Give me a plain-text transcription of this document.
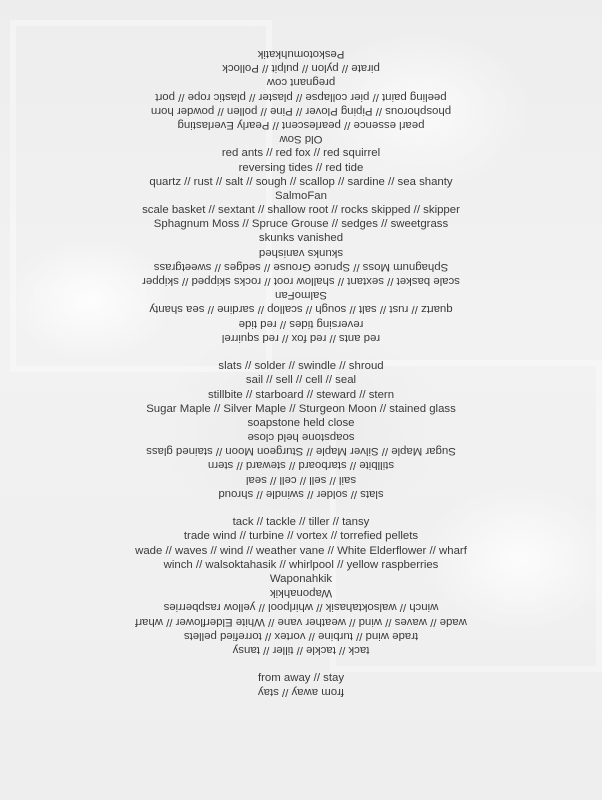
Peskotomuhkatik
pirate // pylon // pulpit // Pollock
pregnant cow
peeling paint // pier collapse // plaster // plastic rope // port
phosphorous // Piping Plover // Pine // pollen // powder horn
pearl essence // pearlescent // Pearly Everlasting
Old Sow
red ants // red fox // red squirrel
reversing tides // red tide
quartz // rust // salt // sough // scallop // sardine // sea shanty
SalmoFan
scale basket // sextant // shallow root // rocks skipped // skipper
Sphagnum Moss // Spruce Grouse // sedges // sweetgrass
skunks vanished
skunks vanished
Sphagnum Moss // Spruce Grouse // sedges // sweetgrass
scale basket // sextant // shallow root // rocks skipped // skipper
SalmoFan
quartz // rust // salt // sough // scallop // sardine // sea shanty
reversing tides // red tide
red ants // red fox // red squirrel
slats // solder // swindle // shroud
sail // sell // cell // seal
stillbite // starboard // steward // stern
Sugar Maple // Silver Maple // Sturgeon Moon // stained glass
soapstone held close
soapstone held close
Sugar Maple // Silver Maple // Sturgeon Moon // stained glass
stillbite // starboard // steward // stern
sail // sell // cell // seal
slats // solder // swindle // shroud
tack // tackle // tiller // tansy
trade wind // turbine // vortex // torrefied pellets
wade // waves // wind // weather vane // White Elderflower // wharf
winch // walsoktahasik // whirlpool // yellow raspberries
Waponahkik
Waponahkik
winch // walsoktahasik // whirlpool // yellow raspberries
wade // waves // wind // weather vane // White Elderflower // wharf
trade wind // turbine // vortex // torrefied pellets
tack // tackle // tiller // tansy
from away // stay
from away // stay
